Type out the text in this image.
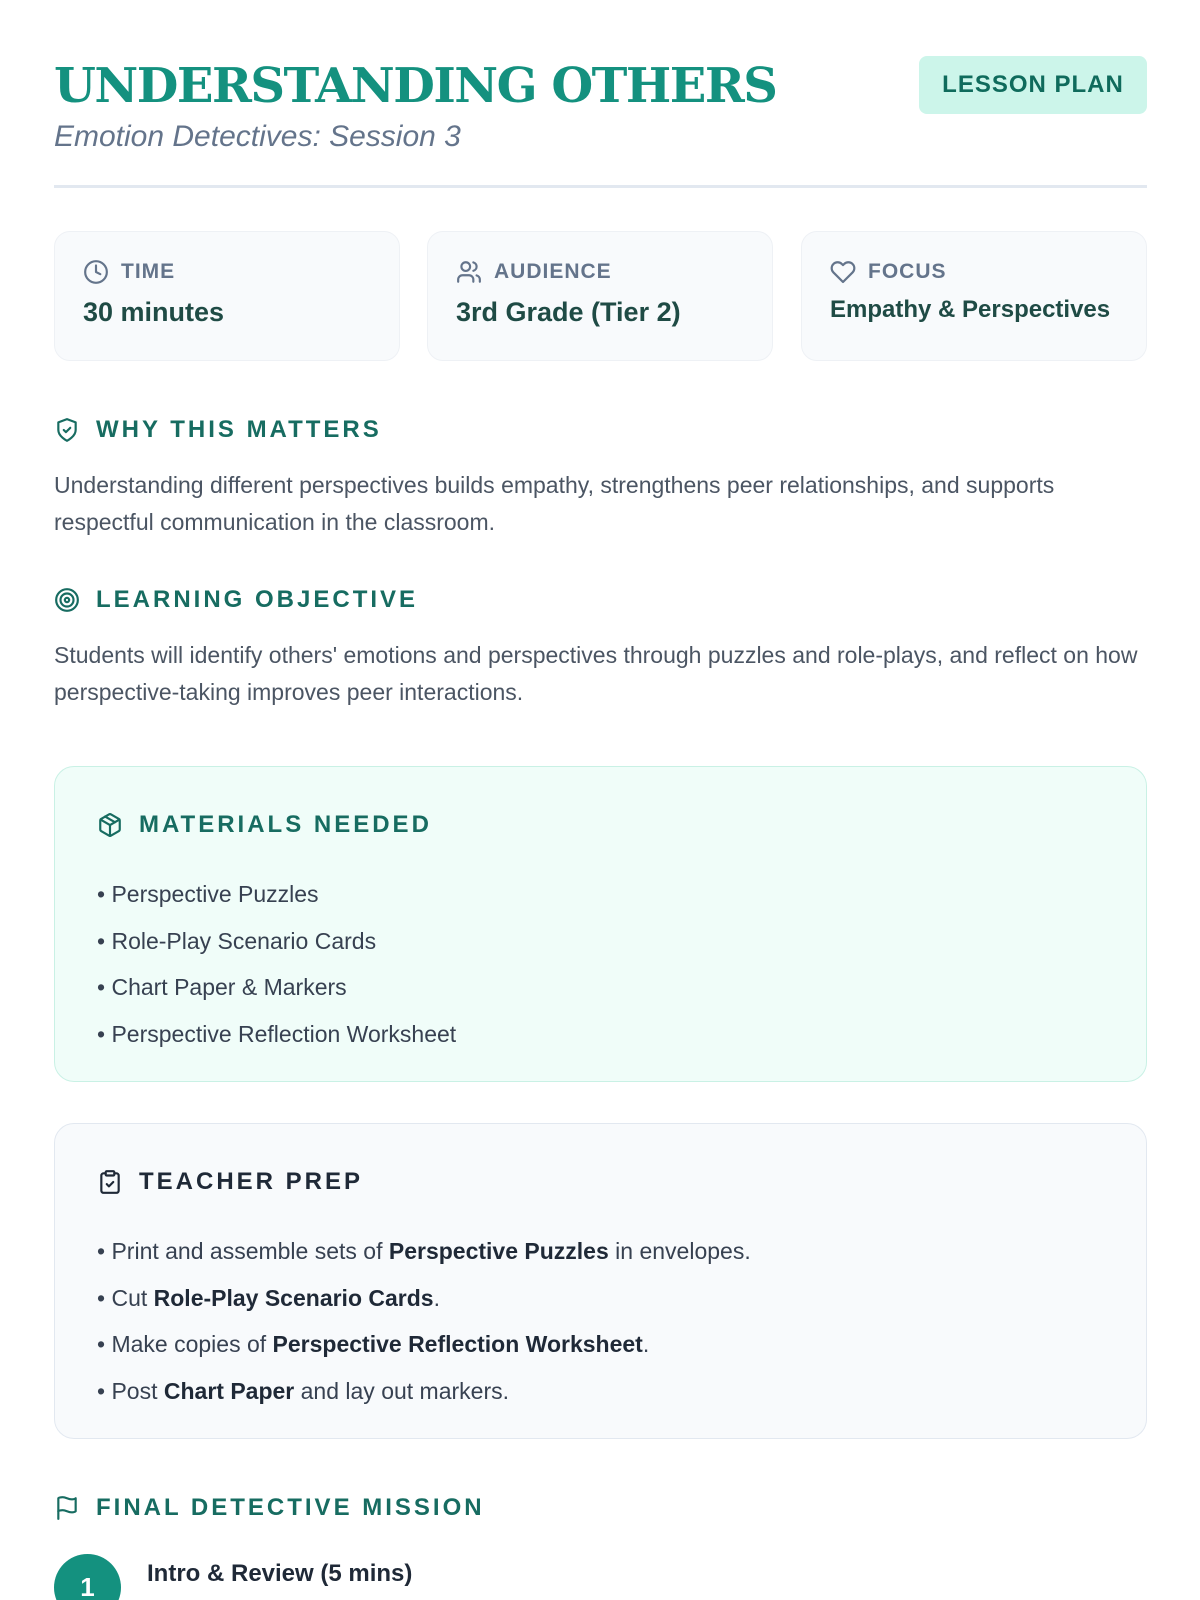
UNDERSTANDING OTHERS
Emotion Detectives: Session 3
LESSON PLAN
TIME
30 minutes
AUDIENCE
3rd Grade (Tier 2)
FOCUS
Empathy & Perspectives
WHY THIS MATTERS
Understanding different perspectives builds empathy, strengthens peer relationships, and supports respectful communication in the classroom.
LEARNING OBJECTIVE
Students will identify others' emotions and perspectives through puzzles and role-plays, and reflect on how perspective-taking improves peer interactions.
MATERIALS NEEDED
• Perspective Puzzles
• Role-Play Scenario Cards
• Chart Paper & Markers
• Perspective Reflection Worksheet
TEACHER PREP
• Print and assemble sets of Perspective Puzzles in envelopes.
• Cut Role-Play Scenario Cards.
• Make copies of Perspective Reflection Worksheet.
• Post Chart Paper and lay out markers.
FINAL DETECTIVE MISSION
1	Intro & Review (5 mins)
